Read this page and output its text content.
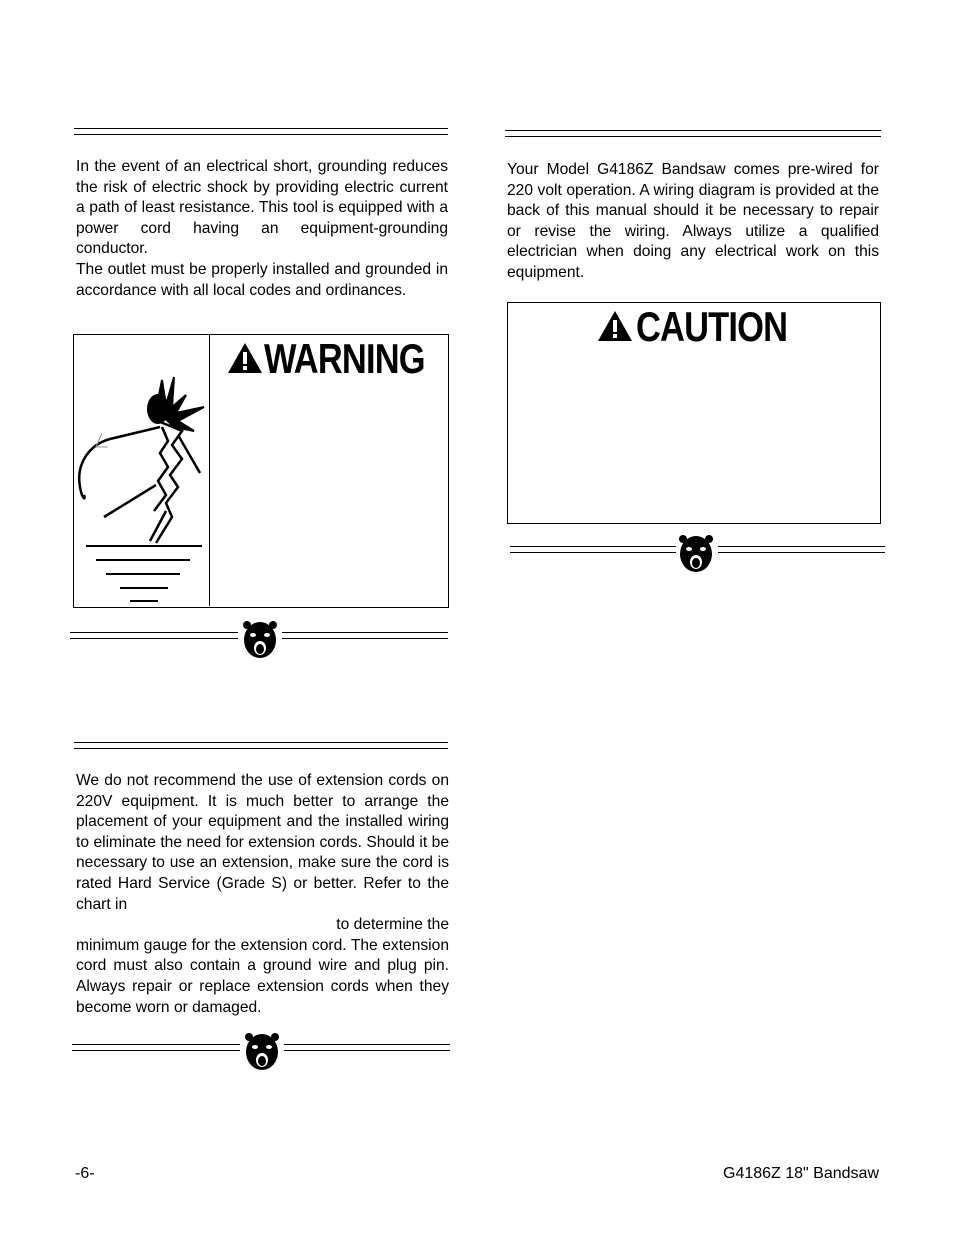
In the event of an electrical short, grounding reduces the risk of electric shock by providing electric current a path of least resistance. This tool is equipped with a power cord having an equipment-grounding conductor.

The outlet must be properly installed and grounded in accordance with all local codes and ordinances.

WARNING

We do not recommend the use of extension cords on 220V equipment. It is much better to arrange the placement of your equipment and the installed wiring to eliminate the need for extension cords. Should it be necessary to use an extension, make sure the cord is rated Hard Service (Grade S) or better. Refer to the chart in

to determine the

minimum gauge for the extension cord. The extension cord must also contain a ground wire and plug pin. Always repair or replace extension cords when they become worn or damaged.

Your Model G4186Z Bandsaw comes pre-wired for 220 volt operation. A wiring diagram is provided at the back of this manual should it be necessary to repair or revise the wiring. Always utilize a qualified electrician when doing any electrical work on this equipment.

CAUTION
-6-	G4186Z 18" Bandsaw
